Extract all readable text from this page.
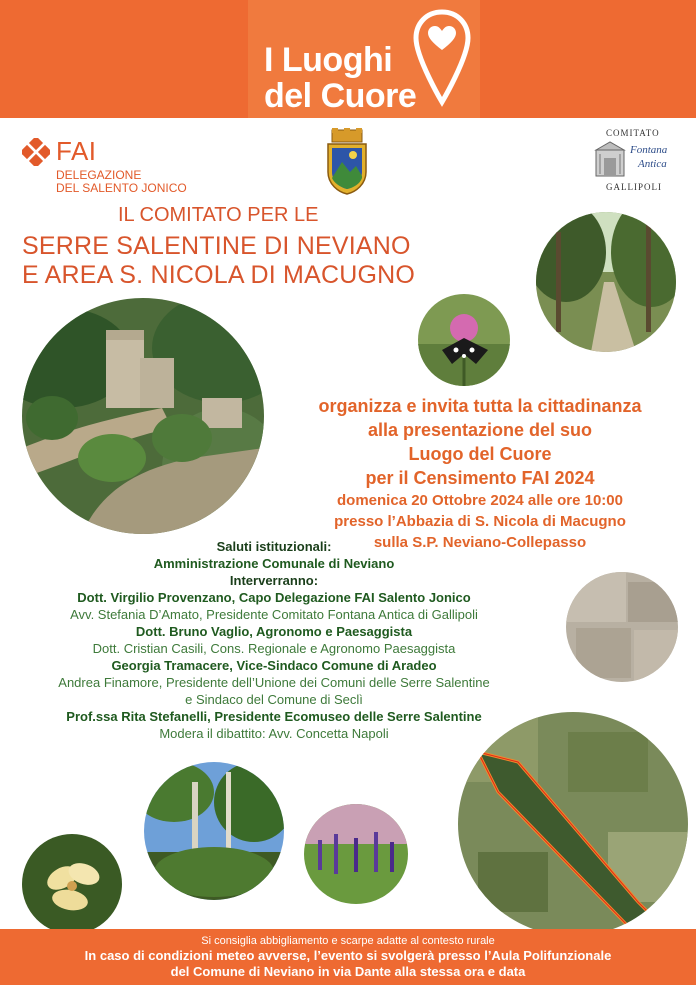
I Luoghi
del Cuore
FAI
DELEGAZIONE
DEL SALENTO JONICO
COMITATO
Fontana
Antica
GALLIPOLI
IL COMITATO PER LE
SERRE SALENTINE DI NEVIANO
E AREA S. NICOLA DI MACUGNO
organizza e invita tutta la cittadinanza
alla presentazione del suo
Luogo del Cuore
per il Censimento FAI 2024
domenica 20 Ottobre 2024 alle ore 10:00
presso l’Abbazia di S. Nicola di Macugno
sulla S.P. Neviano-Collepasso
Saluti istituzionali:
Amministrazione Comunale di Neviano
Interverranno:
Dott. Virgilio Provenzano, Capo Delegazione FAI Salento Jonico
Avv. Stefania D’Amato, Presidente Comitato Fontana Antica di Gallipoli
Dott. Bruno Vaglio, Agronomo e Paesaggista
Dott. Cristian Casili, Cons. Regionale e Agronomo Paesaggista
Georgia Tramacere, Vice-Sindaco Comune di Aradeo
Andrea Finamore, Presidente dell’Unione dei Comuni delle Serre Salentine
e Sindaco del Comune di Seclì
Prof.ssa Rita Stefanelli, Presidente Ecomuseo delle Serre Salentine
Modera il dibattito: Avv. Concetta Napoli
Si consiglia abbigliamento e scarpe adatte al contesto rurale
In caso di condizioni meteo avverse, l’evento si svolgerà presso l’Aula Polifunzionale
del Comune di Neviano in via Dante alla stessa ora e data
